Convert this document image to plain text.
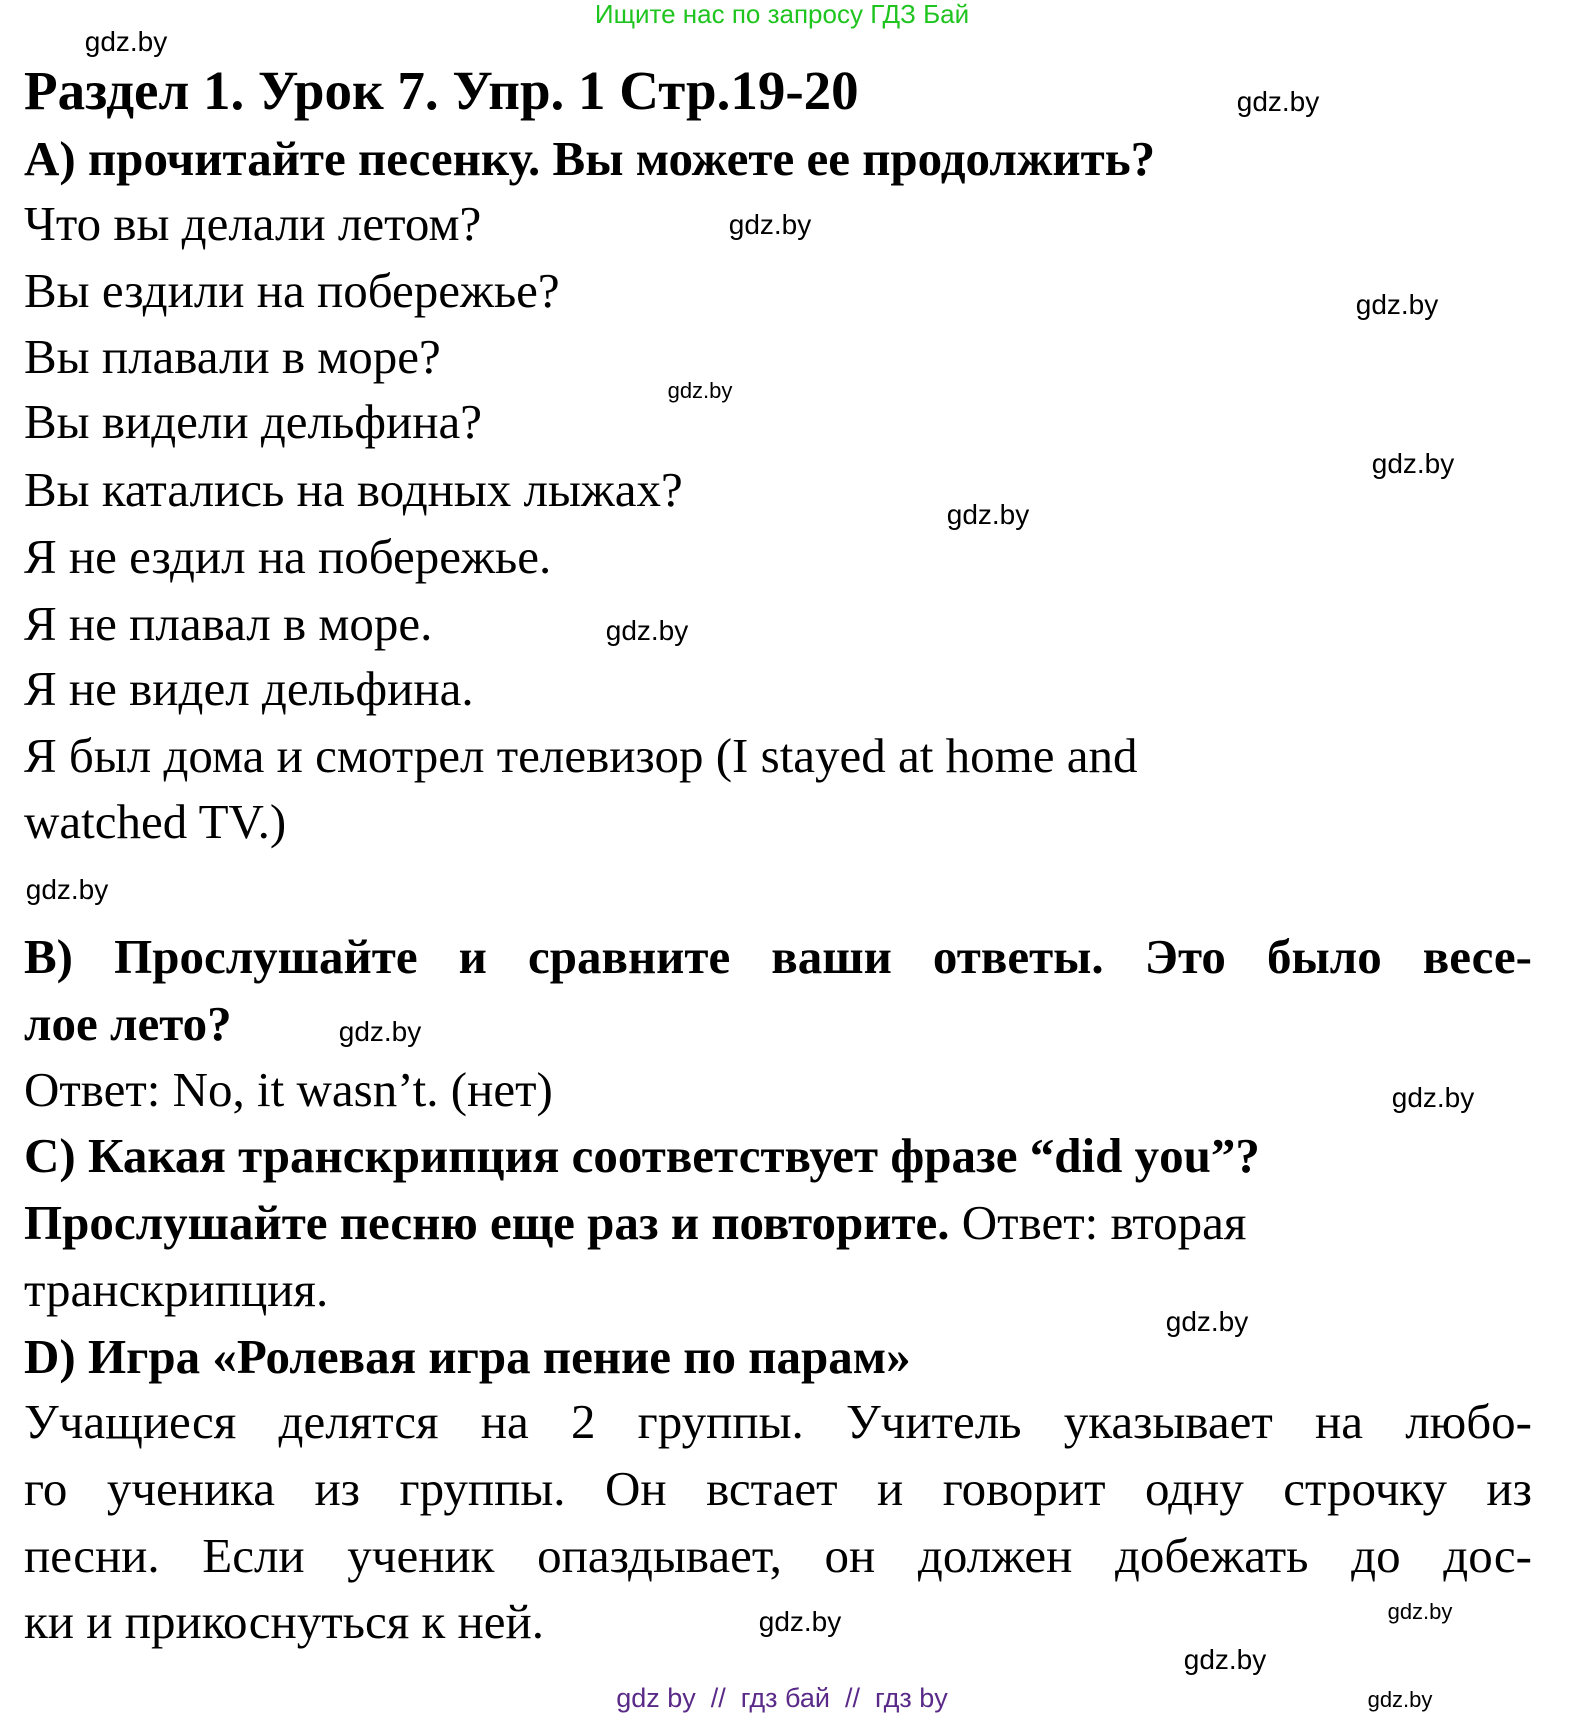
Ищите нас по запросу ГДЗ Бай
Раздел 1. Урок 7. Упр. 1 Стр.19-20
А) прочитайте песенку. Вы можете ее продолжить?
Что вы делали летом?
Вы ездили на побережье?
Вы плавали в море?
Вы видели дельфина?
Вы катались на водных лыжах?
Я не ездил на побережье.
Я не плавал в море.
Я не видел дельфина.
Я был дома и смотрел телевизор (I stayed at home and
watched TV.)
В) Прослушайте и сравните ваши ответы. Это было весе-
лое лето?
Ответ: No, it wasn’t. (нет)
С) Какая транскрипция соответствует фразе “did you”?
Прослушайте песню еще раз и повторите. Ответ: вторая
транскрипция.
D) Игра «Ролевая игра пение по парам»
Учащиеся делятся на 2 группы. Учитель указывает на любо-
го ученика из группы. Он встает и говорит одну строчку из
песни. Если ученик опаздывает, он должен добежать до дос-
ки и прикоснуться к ней.
gdz.by
gdz.by
gdz.by
gdz.by
gdz.by
gdz.by
gdz.by
gdz.by
gdz.by
gdz.by
gdz.by
gdz.by
gdz.by
gdz.by
gdz.by
gdz.by
gdz by  //  гдз бай  //  гдз by
